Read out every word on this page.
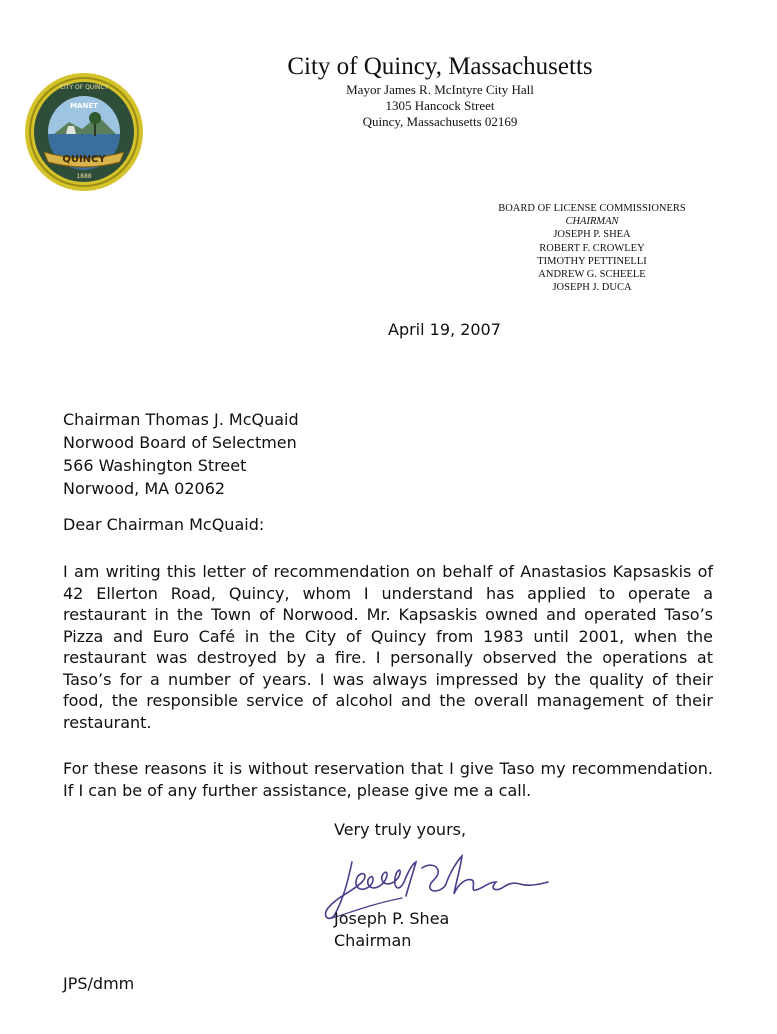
QUINCY
MANET
1888
CITY OF QUINCY
City of Quincy, Massachusetts
Mayor James R. McIntyre City Hall
1305 Hancock Street
Quincy, Massachusetts 02169
BOARD OF LICENSE COMMISSIONERS
CHAIRMAN
JOSEPH P. SHEA
ROBERT F. CROWLEY
TIMOTHY PETTINELLI
ANDREW G. SCHEELE
JOSEPH J. DUCA
April 19, 2007
Chairman Thomas J. McQuaid
Norwood Board of Selectmen
566 Washington Street
Norwood, MA 02062
Dear Chairman McQuaid:

I am writing this letter of recommendation on behalf of Anastasios Kapsaskis of 42 Ellerton Road, Quincy, whom I understand has applied to operate a restaurant in the Town of Norwood. Mr. Kapsaskis owned and operated Taso’s Pizza and Euro Café in the City of Quincy from 1983 until 2001, when the restaurant was destroyed by a fire. I personally observed the operations at Taso’s for a number of years. I was always impressed by the quality of their food, the responsible service of alcohol and the overall management of their restaurant.

For these reasons it is without reservation that I give Taso my recommendation. If I can be of any further assistance, please give me a call.

Very truly yours,
Joseph P. Shea
Chairman
JPS/dmm
